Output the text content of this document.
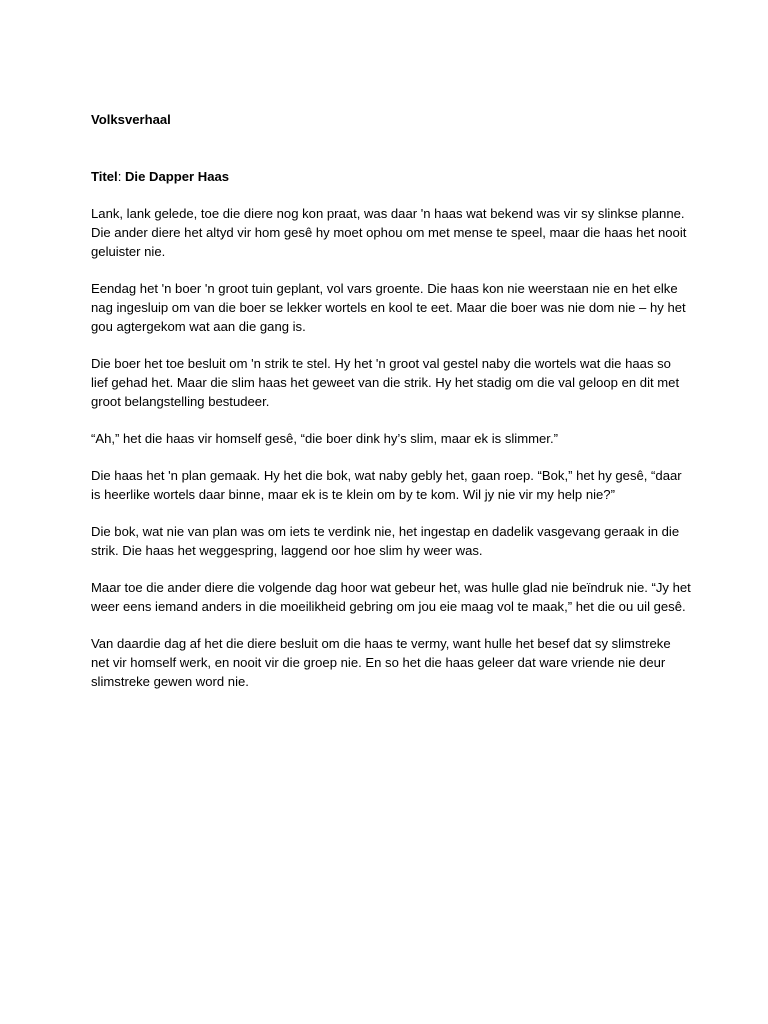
Volksverhaal

Titel: Die Dapper Haas

Lank, lank gelede, toe die diere nog kon praat, was daar 'n haas wat bekend was vir sy slinkse planne. Die ander diere het altyd vir hom gesê hy moet ophou om met mense te speel, maar die haas het nooit geluister nie.

Eendag het 'n boer 'n groot tuin geplant, vol vars groente. Die haas kon nie weerstaan nie en het elke nag ingesluip om van die boer se lekker wortels en kool te eet. Maar die boer was nie dom nie – hy het gou agtergekom wat aan die gang is.

Die boer het toe besluit om 'n strik te stel. Hy het 'n groot val gestel naby die wortels wat die haas so lief gehad het. Maar die slim haas het geweet van die strik. Hy het stadig om die val geloop en dit met groot belangstelling bestudeer.

“Ah,” het die haas vir homself gesê, “die boer dink hy’s slim, maar ek is slimmer.”

Die haas het 'n plan gemaak. Hy het die bok, wat naby gebly het, gaan roep. “Bok,” het hy gesê, “daar is heerlike wortels daar binne, maar ek is te klein om by te kom. Wil jy nie vir my help nie?”

Die bok, wat nie van plan was om iets te verdink nie, het ingestap en dadelik vasgevang geraak in die strik. Die haas het weggespring, laggend oor hoe slim hy weer was.

Maar toe die ander diere die volgende dag hoor wat gebeur het, was hulle glad nie beïndruk nie. “Jy het weer eens iemand anders in die moeilikheid gebring om jou eie maag vol te maak,” het die ou uil gesê.

Van daardie dag af het die diere besluit om die haas te vermy, want hulle het besef dat sy slimstreke net vir homself werk, en nooit vir die groep nie. En so het die haas geleer dat ware vriende nie deur slimstreke gewen word nie.
